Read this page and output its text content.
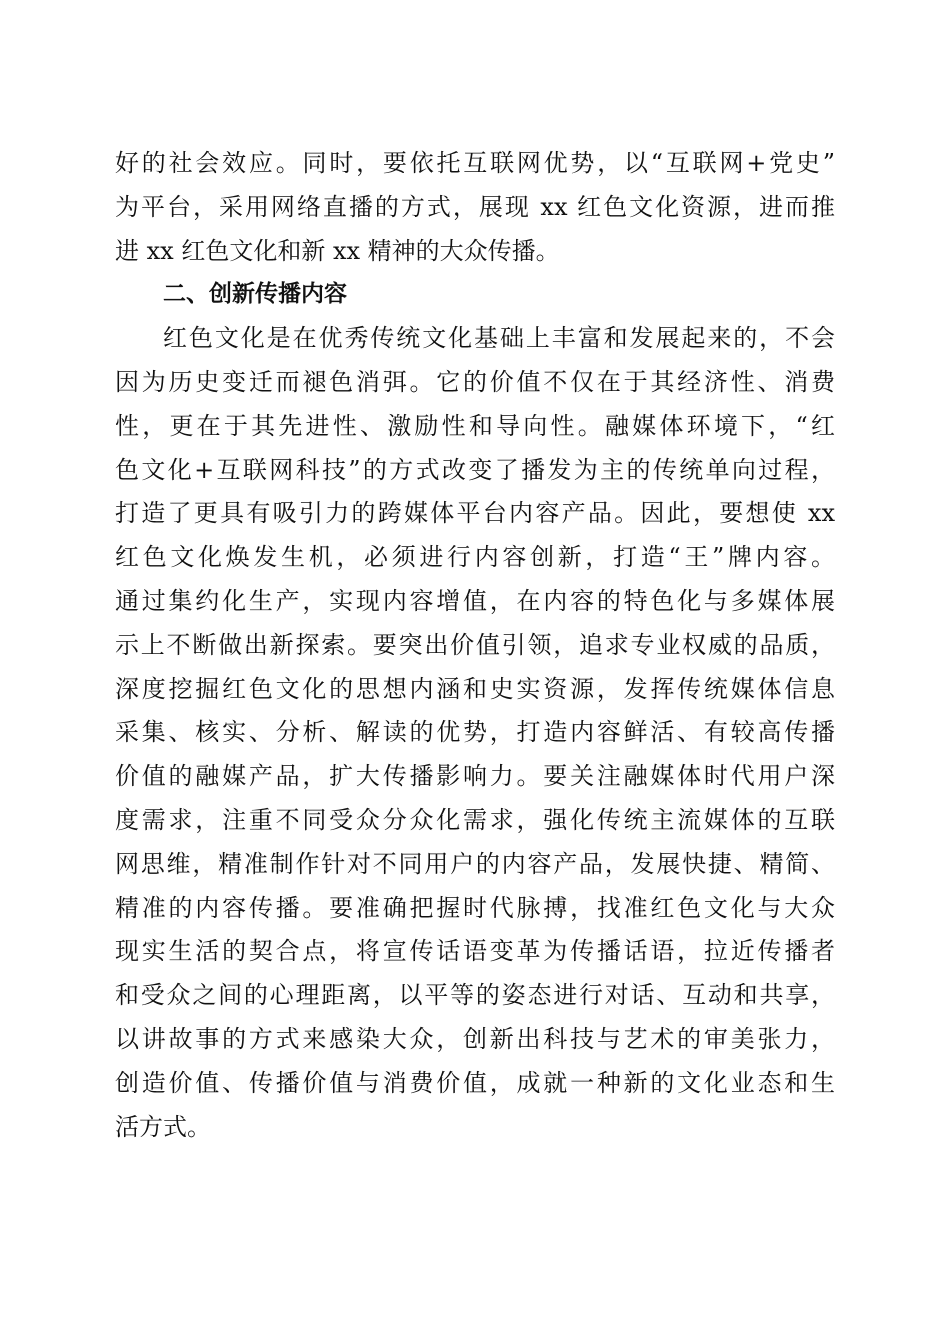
好的社会效应。同时，要依托互联网优势，以“互联网+党史”
为平台，采用网络直播的方式，展现 xx 红色文化资源，进而推
进 xx 红色文化和新 xx 精神的大众传播。
二、创新传播内容
红色文化是在优秀传统文化基础上丰富和发展起来的，不会
因为历史变迁而褪色消弭。它的价值不仅在于其经济性、消费
性，更在于其先进性、激励性和导向性。融媒体环境下，“红
色文化+互联网科技”的方式改变了播发为主的传统单向过程，
打造了更具有吸引力的跨媒体平台内容产品。因此，要想使 xx
红色文化焕发生机，必须进行内容创新，打造“王”牌内容。
通过集约化生产，实现内容增值，在内容的特色化与多媒体展
示上不断做出新探索。要突出价值引领，追求专业权威的品质，
深度挖掘红色文化的思想内涵和史实资源，发挥传统媒体信息
采集、核实、分析、解读的优势，打造内容鲜活、有较高传播
价值的融媒产品，扩大传播影响力。要关注融媒体时代用户深
度需求，注重不同受众分众化需求，强化传统主流媒体的互联
网思维，精准制作针对不同用户的内容产品，发展快捷、精简、
精准的内容传播。要准确把握时代脉搏，找准红色文化与大众
现实生活的契合点，将宣传话语变革为传播话语，拉近传播者
和受众之间的心理距离，以平等的姿态进行对话、互动和共享，
以讲故事的方式来感染大众，创新出科技与艺术的审美张力，
创造价值、传播价值与消费价值，成就一种新的文化业态和生
活方式。
